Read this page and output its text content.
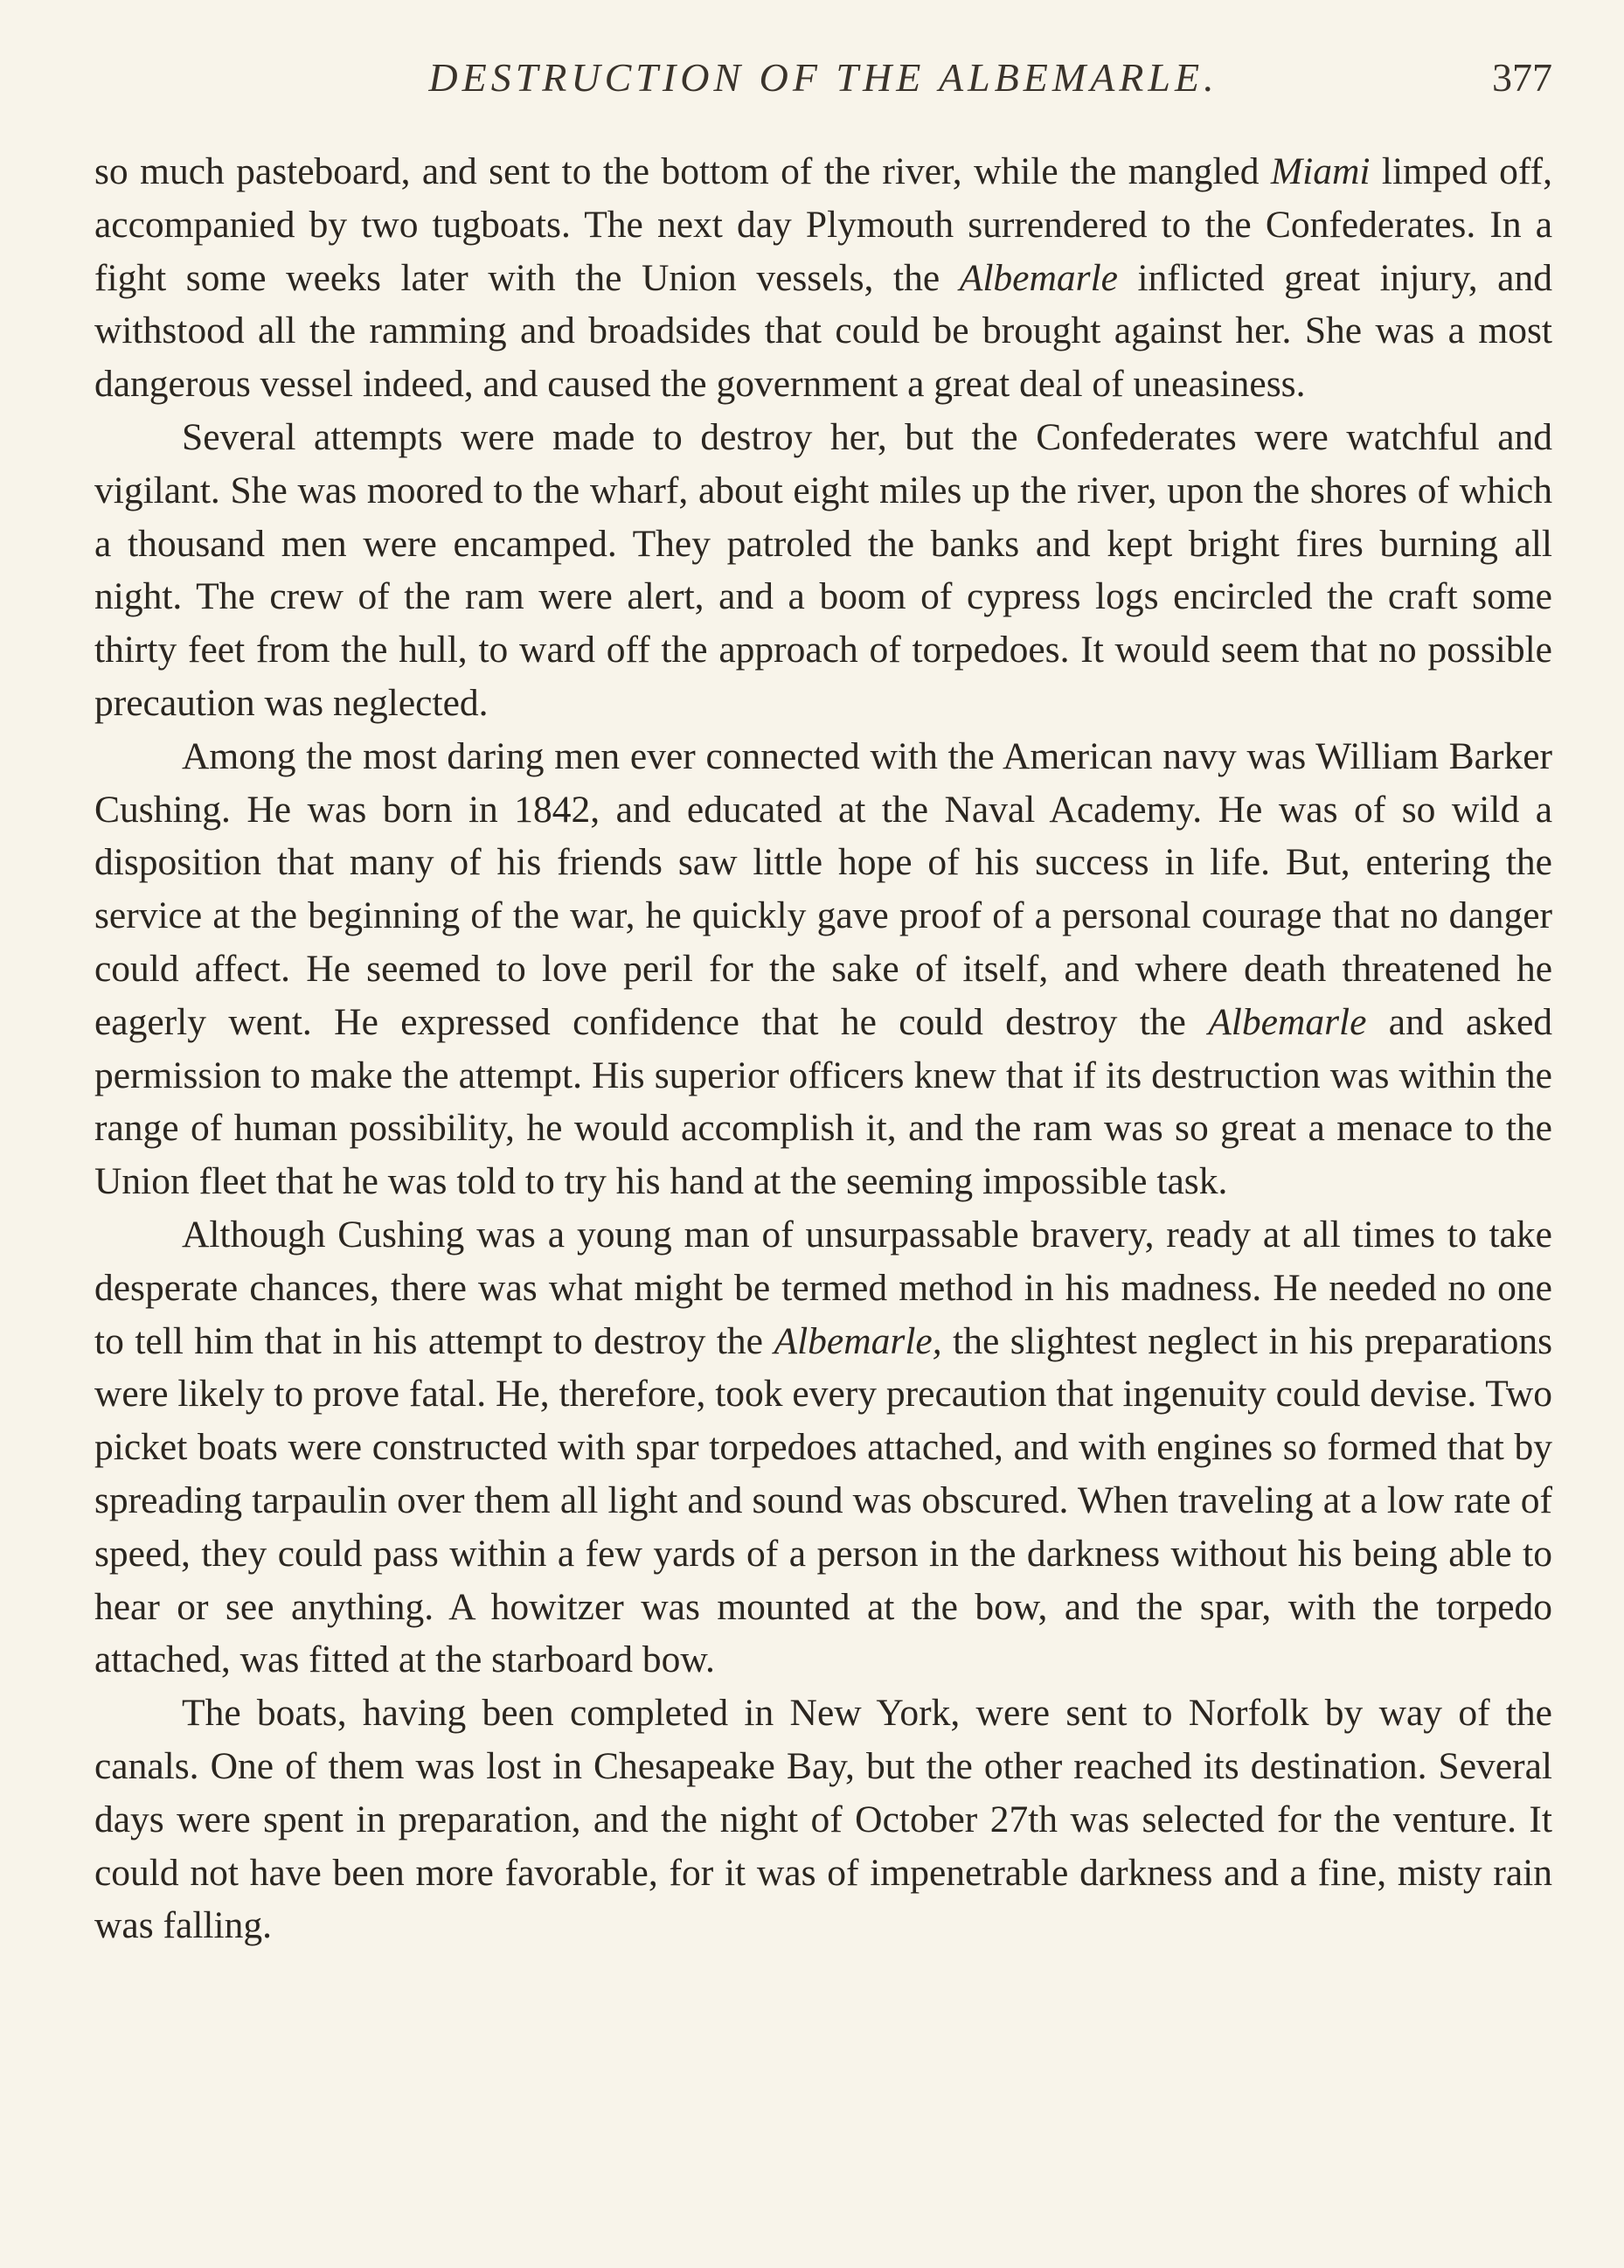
DESTRUCTION OF THE ALBEMARLE.	377

so much pasteboard, and sent to the bottom of the river, while the mangled Miami limped off, accompanied by two tugboats. The next day Plymouth surrendered to the Confederates. In a fight some weeks later with the Union vessels, the Albemarle inflicted great injury, and withstood all the ramming and broadsides that could be brought against her. She was a most dangerous vessel indeed, and caused the government a great deal of uneasiness.

Several attempts were made to destroy her, but the Confederates were watchful and vigilant. She was moored to the wharf, about eight miles up the river, upon the shores of which a thousand men were encamped. They patroled the banks and kept bright fires burning all night. The crew of the ram were alert, and a boom of cypress logs encircled the craft some thirty feet from the hull, to ward off the approach of torpedoes. It would seem that no possible precaution was neglected.

Among the most daring men ever connected with the American navy was William Barker Cushing. He was born in 1842, and educated at the Naval Academy. He was of so wild a disposition that many of his friends saw little hope of his success in life. But, entering the service at the beginning of the war, he quickly gave proof of a personal courage that no danger could affect. He seemed to love peril for the sake of itself, and where death threatened he eagerly went. He expressed confidence that he could destroy the Albemarle and asked permission to make the attempt. His superior officers knew that if its destruction was within the range of human possibility, he would accomplish it, and the ram was so great a menace to the Union fleet that he was told to try his hand at the seeming impossible task.

Although Cushing was a young man of unsurpassable bravery, ready at all times to take desperate chances, there was what might be termed method in his madness. He needed no one to tell him that in his attempt to destroy the Albemarle, the slightest neglect in his preparations were likely to prove fatal. He, therefore, took every precaution that ingenuity could devise. Two picket boats were constructed with spar torpedoes attached, and with engines so formed that by spreading tarpaulin over them all light and sound was obscured. When traveling at a low rate of speed, they could pass within a few yards of a person in the darkness without his being able to hear or see anything. A howitzer was mounted at the bow, and the spar, with the torpedo attached, was fitted at the starboard bow.

The boats, having been completed in New York, were sent to Norfolk by way of the canals. One of them was lost in Chesapeake Bay, but the other reached its destination. Several days were spent in preparation, and the night of October 27th was selected for the venture. It could not have been more favorable, for it was of impenetrable darkness and a fine, misty rain was falling.
